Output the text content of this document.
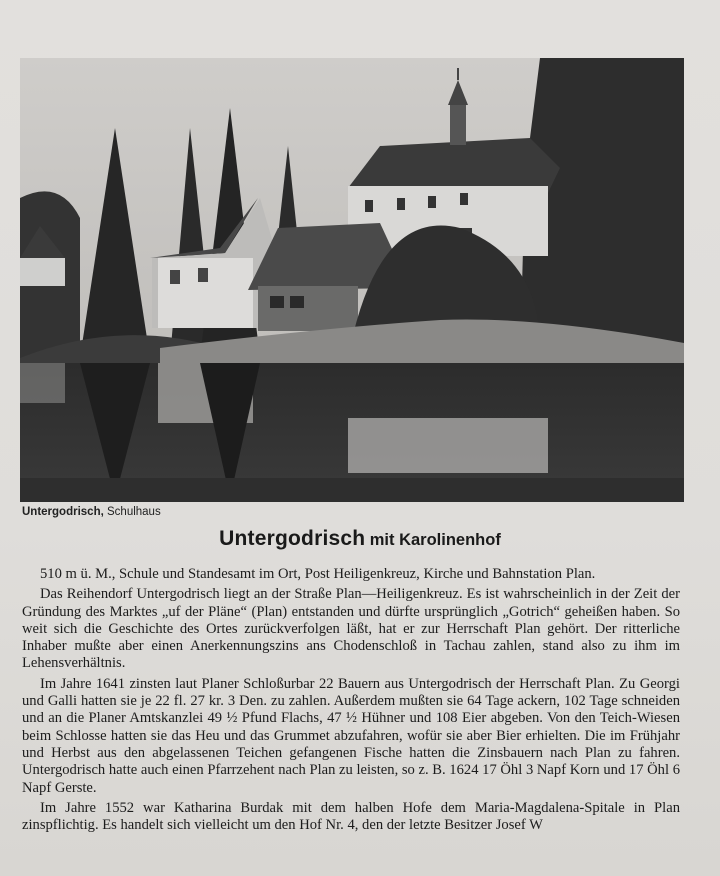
Untergodrisch, Schulhaus
Untergodrisch mit Karolinenhof

510 m ü. M., Schule und Standesamt im Ort, Post Heiligenkreuz, Kirche und Bahnstation Plan.

Das Reihendorf Untergodrisch liegt an der Straße Plan—Heiligenkreuz. Es ist wahrscheinlich in der Zeit der Gründung des Marktes „uf der Pläne“ (Plan) entstanden und dürfte ursprünglich „Gotrich“ geheißen haben. So weit sich die Geschichte des Ortes zurückverfolgen läßt, hat er zur Herrschaft Plan gehört. Der ritterliche Inhaber mußte aber einen Anerkennungszins ans Chodenschloß in Tachau zahlen, stand also zu ihm im Lehensverhältnis.

Im Jahre 1641 zinsten laut Planer Schloßurbar 22 Bauern aus Untergodrisch der Herrschaft Plan. Zu Georgi und Galli hatten sie je 22 fl. 27 kr. 3 Den. zu zahlen. Außerdem mußten sie 64 Tage ackern, 102 Tage schneiden und an die Planer Amtskanzlei 49 ½ Pfund Flachs, 47 ½ Hühner und 108 Eier abgeben. Von den Teich-Wiesen beim Schlosse hatten sie das Heu und das Grummet abzufahren, wofür sie aber Bier erhielten. Die im Frühjahr und Herbst aus den abgelassenen Teichen gefangenen Fische hatten die Zinsbauern nach Plan zu fahren. Untergodrisch hatte auch einen Pfarrzehent nach Plan zu leisten, so z. B. 1624 17 Öhl 3 Napf Korn und 17 Öhl 6 Napf Gerste.

Im Jahre 1552 war Katharina Burdak mit dem halben Hofe dem Maria-Magdalena-Spitale in Plan zinspflichtig. Es handelt sich vielleicht um den Hof Nr. 4, den der letzte Besitzer Josef W
